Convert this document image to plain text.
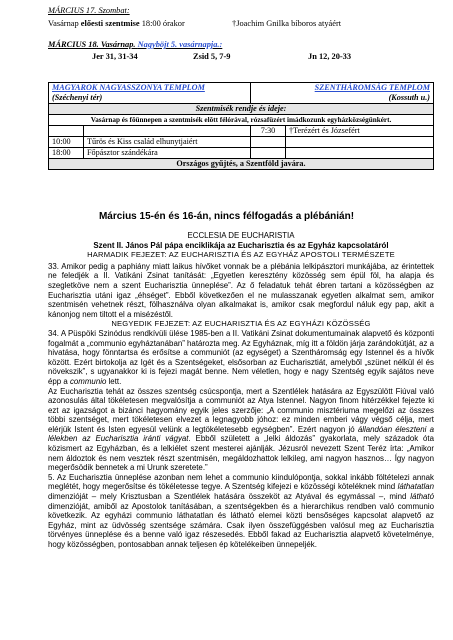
MÁRCIUS 17. Szombat:
Vasárnap előesti szentmise 18:00 órakor	†Joachim Gnilka bíboros atyáért
MÁRCIUS 18. Vasárnap. Nagyböjt 5. vasárnapja.:
Jer 31, 31-34	Zsid 5, 7-9	Jn 12, 20-33
MAGYAROK NAGYASSZONYA TEMPLOM		SZENTHÁROMSÁG TEMPLOM	
(Széchenyi tér)		(Kossuth u.)	
Szentmisék rendje és ideje:			
Vasárnap és fõünnepen a szentmisék elõtt félórával, rózsafüzért imádkozunk egyházközségünkért.			
		7:30	†Terézért és Józsefért
10:00	Tűrös és Kiss család elhunytjaiért		
18:00	Főpásztor szándékára		
Országos gyűjtés, a Szentföld javára.			
Március 15-én és 16-án, nincs félfogadás a plébánián!
ECCLESIA DE EUCHARISTIA
Szent II. János Pál pápa enciklikája az Eucharisztia és az Egyház kapcsolatáról
HARMADIK FEJEZET: AZ EUCHARISZTIA ÉS AZ EGYHÁZ APOSTOLI TERMÉSZETE

33. Amikor pedig a paphiány miatt laikus hívőket vonnak be a plébánia lelkipásztori munkájába, az érintettek ne feledjék a II. Vatikáni Zsinat tanítását: „Egyetlen keresztény közösség sem épül föl, ha alapja és szegletköve nem a szent Eucharisztia ünneplése”. Az ő feladatuk tehát ébren tartani a közösségben az Eucharisztia utáni igaz „éhséget”. Ebből következően el ne mulasszanak egyetlen alkalmat sem, amikor szentmisén vehetnek részt, fölhasználva olyan alkalmakat is, amikor csak megfordul náluk egy pap, akit a kánonjog nem tiltott el a misézéstől.

NEGYEDIK FEJEZET: AZ EUCHARISZTIA ÉS AZ EGYHÁZI KÖZÖSSÉG

34. A Püspöki Szinódus rendkívüli ülése 1985-ben a II. Vatikáni Zsinat dokumentumainak alapvető és központi fogalmát a „communio egyháztanában” határozta meg. Az Egyháznak, míg itt a földön járja zarándokútját, az a hivatása, hogy fönntartsa és erősítse a communiót (az egységet) a Szentháromság egy Istennel és a hívők között. Ezért birtokolja az Igét és a Szentségeket, elsősorban az Eucharisztiát, amelyből „szünet nélkül él és növekszik”, s ugyanakkor ki is fejezi magát benne. Nem véletlen, hogy e nagy Szentség egyik sajátos neve épp a communio lett.

Az Eucharisztia tehát az összes szentség csúcspontja, mert a Szentlélek hatására az Egyszülött Fiúval való azonosulás által tökéletesen megvalósítja a communiót az Atya Istennel. Nagyon finom hitérzékkel fejezte ki ezt az igazságot a bizánci hagyomány egyik jeles szerzője: „A communio misztériuma megelőzi az összes többi szentséget, mert tökéletesen elvezet a legnagyobb jóhoz: ez minden emberi vágy végső célja, mert elérjük Istent és Isten egyesül velünk a legtökéletesebb egységben”. Ezért nagyon jó állandóan éleszteni a lélekben az Eucharisztia iránti vágyat. Ebből született a „lelki áldozás” gyakorlata, mely századok óta közismert az Egyházban, és a lelkiélet szent mesterei ajánlják. Jézusról nevezett Szent Teréz írta: „Amikor nem áldoztok és nem vesztek részt szentmisén, megáldozhattok lelkileg, ami nagyon hasznos… Így nagyon megerősödik bennetek a mi Urunk szeretete.”

5. Az Eucharisztia ünneplése azonban nem lehet a communio kiindulópontja, sokkal inkább föltételezi annak meglétét, hogy megerősítse és tökéletesse tegye. A Szentség kifejezi e közösségi köteléknek mind láthatatlan dimenzióját – mely Krisztusban a Szentlélek hatására összeköt az Atyával és egymással –, mind látható dimenzióját, amiből az Apostolok tanításában, a szentségekben és a hierarchikus rendben való communio következik. Az egyházi communio láthatatlan és látható elemei közti bensőséges kapcsolat alapvető az Egyház, mint az üdvösség szentsége számára. Csak ilyen összefüggésben valósul meg az Eucharisztia törvényes ünneplése és a benne való igaz részesedés. Ebből fakad az Eucharisztia alapvető követelménye, hogy közösségben, pontosabban annak teljesen ép kötelékeiben ünnepeljék.
